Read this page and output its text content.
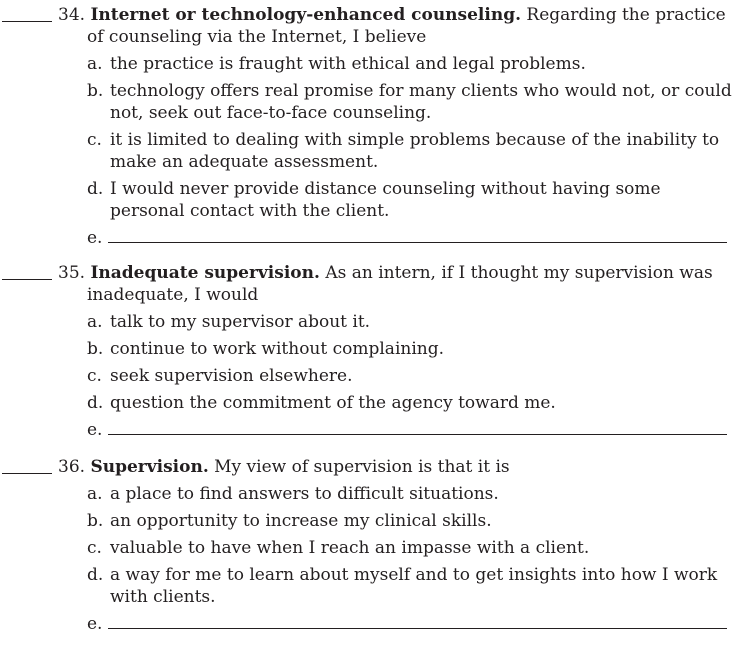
34. Internet or technology-enhanced counseling. Regarding the practice of counseling via the Internet, I believe
a. the practice is fraught with ethical and legal problems.
b. technology offers real promise for many clients who would not, or could not, seek out face-to-face counseling.
c. it is limited to dealing with simple problems because of the inability to make an adequate assessment.
d. I would never provide distance counseling without having some personal contact with the client.
e.
35. Inadequate supervision. As an intern, if I thought my supervision was inadequate, I would
a. talk to my supervisor about it.
b. continue to work without complaining.
c. seek supervision elsewhere.
d. question the commitment of the agency toward me.
e.
36. Supervision. My view of supervision is that it is
a. a place to find answers to difficult situations.
b. an opportunity to increase my clinical skills.
c. valuable to have when I reach an impasse with a client.
d. a way for me to learn about myself and to get insights into how I work with clients.
e.
